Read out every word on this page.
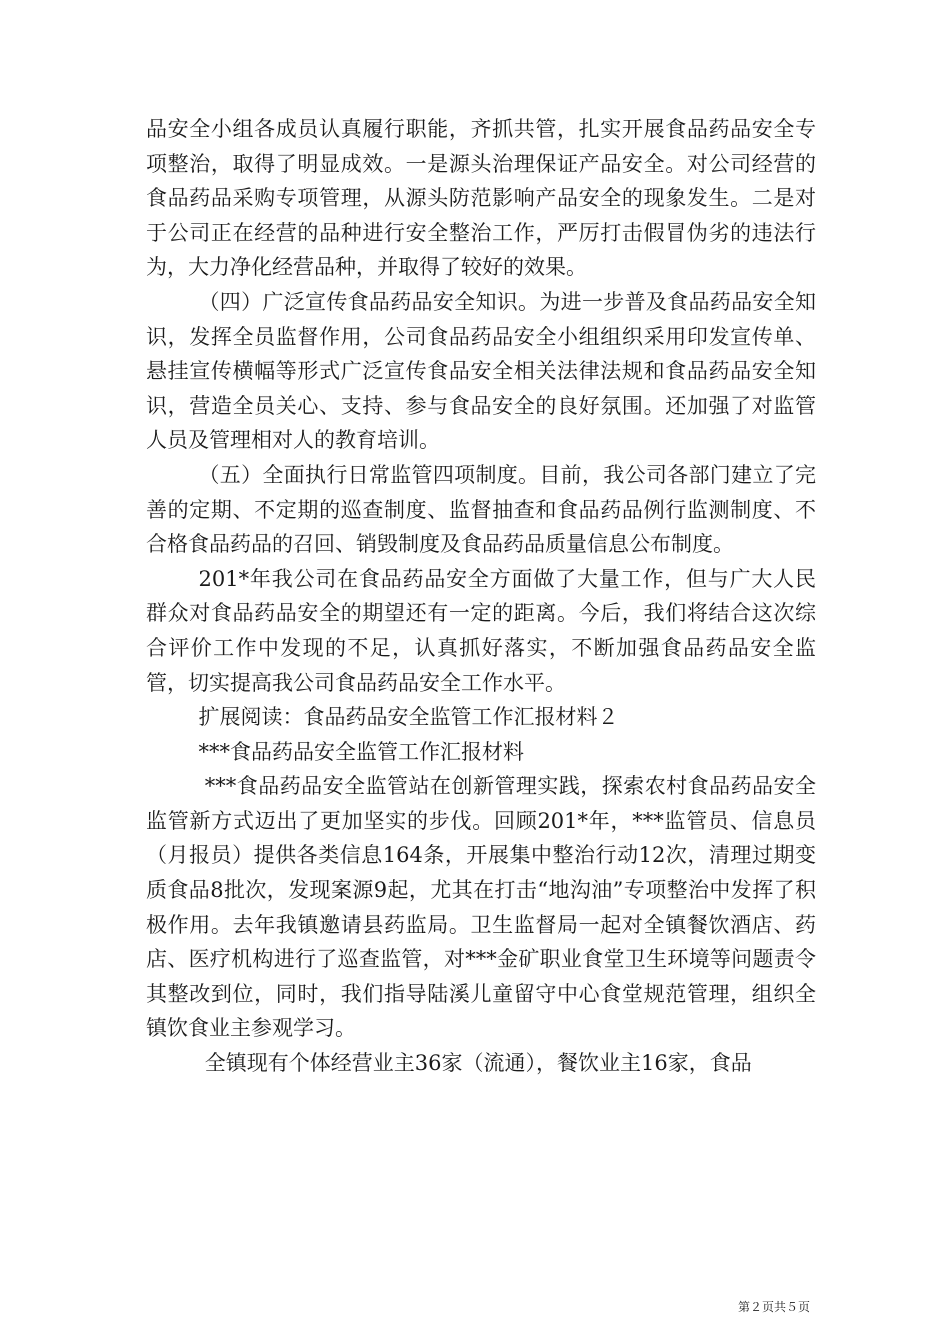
品安全小组各成员认真履行职能，齐抓共管，扎实开展食品药品安全专项整治，取得了明显成效。一是源头治理保证产品安全。对公司经营的食品药品采购专项管理，从源头防范影响产品安全的现象发生。二是对于公司正在经营的品种进行安全整治工作，严厉打击假冒伪劣的违法行为，大力净化经营品种，并取得了较好的效果。

（四）广泛宣传食品药品安全知识。为进一步普及食品药品安全知识，发挥全员监督作用，公司食品药品安全小组组织采用印发宣传单、悬挂宣传横幅等形式广泛宣传食品安全相关法律法规和食品药品安全知识，营造全员关心、支持、参与食品安全的良好氛围。还加强了对监管人员及管理相对人的教育培训。

（五）全面执行日常监管四项制度。目前，我公司各部门建立了完善的定期、不定期的巡查制度、监督抽查和食品药品例行监测制度、不合格食品药品的召回、销毁制度及食品药品质量信息公布制度。

201*年我公司在食品药品安全方面做了大量工作，但与广大人民群众对食品药品安全的期望还有一定的距离。今后，我们将结合这次综合评价工作中发现的不足，认真抓好落实，不断加强食品药品安全监管，切实提高我公司食品药品安全工作水平。

扩展阅读：食品药品安全监管工作汇报材料２

***食品药品安全监管工作汇报材料

***食品药品安全监管站在创新管理实践，探索农村食品药品安全监管新方式迈出了更加坚实的步伐。回顾201*年，***监管员、信息员（月报员）提供各类信息164条，开展集中整治行动12次，清理过期变质食品8批次，发现案源9起，尤其在打击“地沟油”专项整治中发挥了积极作用。去年我镇邀请县药监局。卫生监督局一起对全镇餐饮酒店、药店、医疗机构进行了巡查监管，对***金矿职业食堂卫生环境等问题责令其整改到位，同时，我们指导陆溪儿童留守中心食堂规范管理，组织全镇饮食业主参观学习。

全镇现有个体经营业主36家（流通），餐饮业主16家，食品

第２页共５页
